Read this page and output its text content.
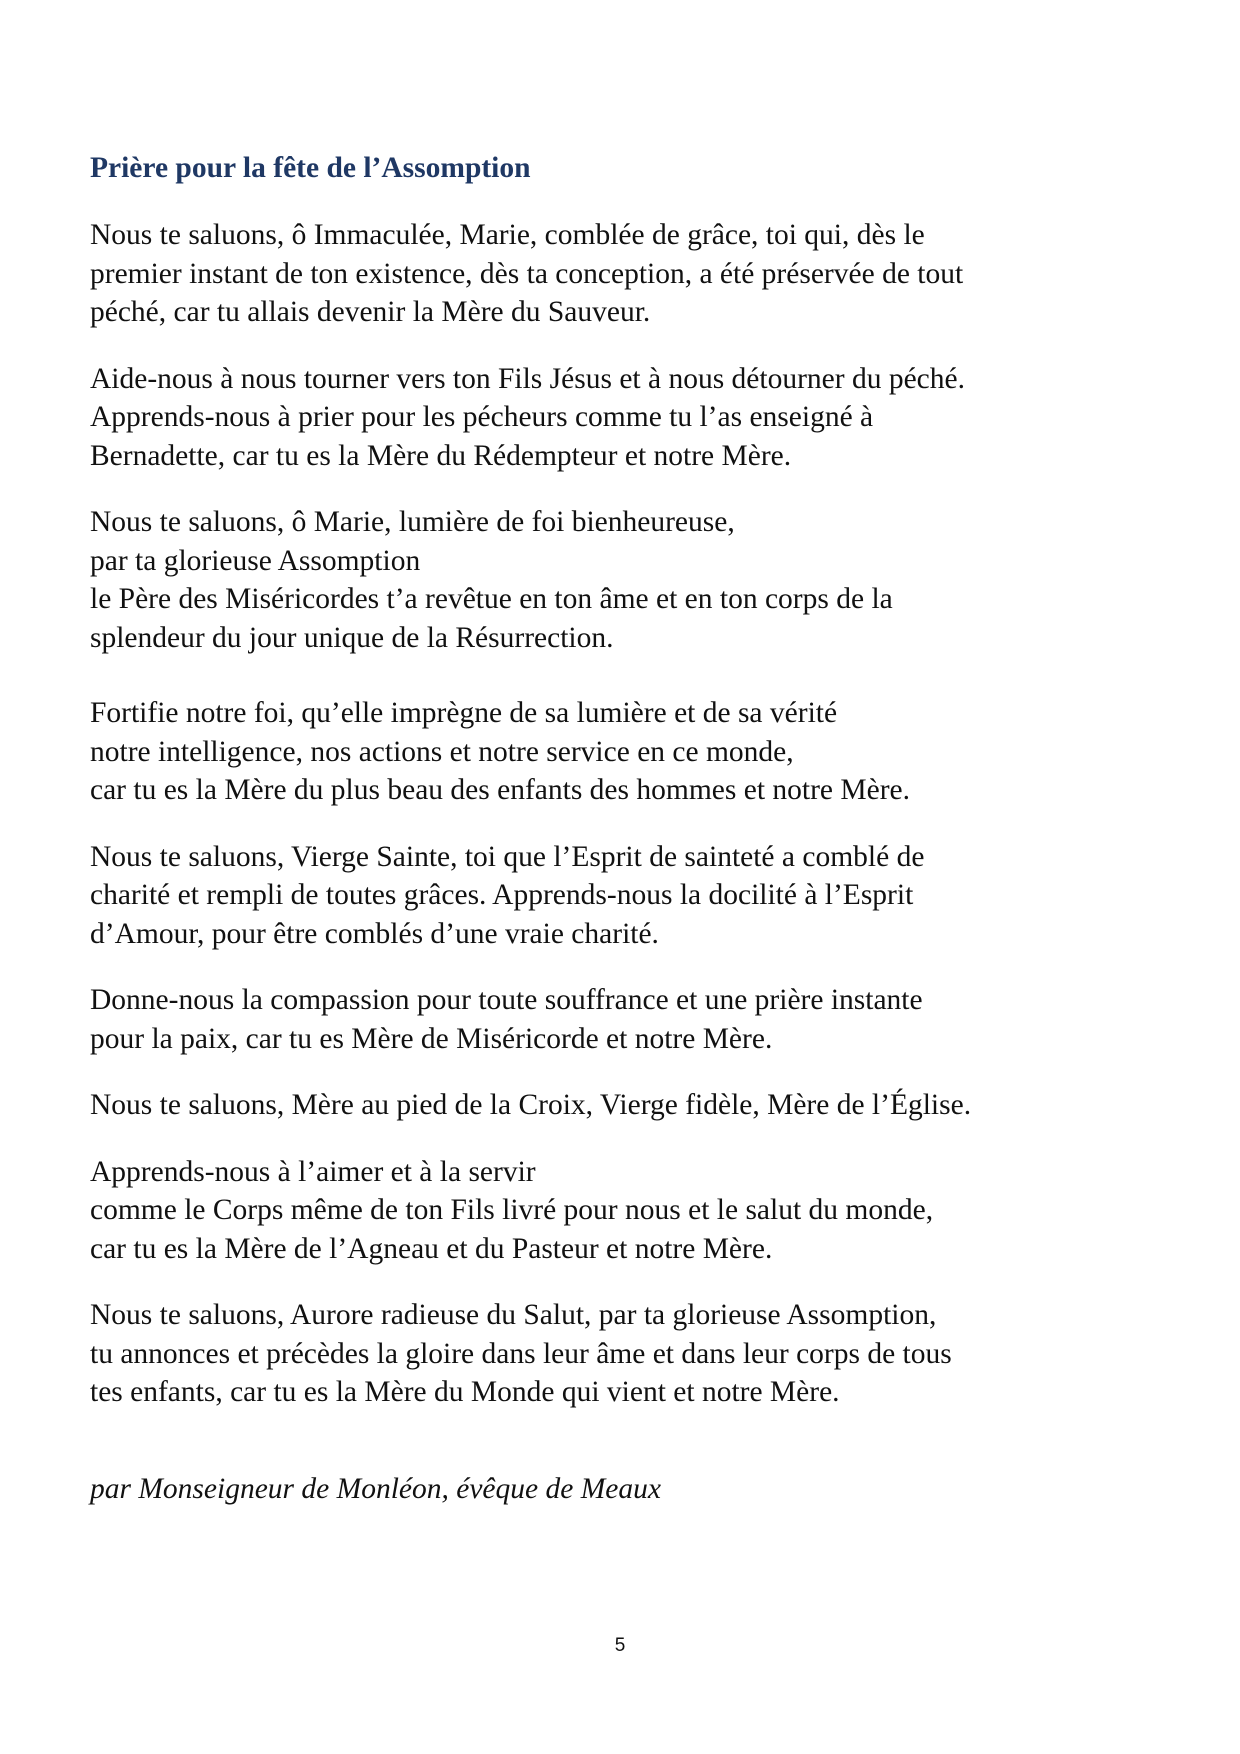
Prière pour la fête de l’Assomption

Nous te saluons, ô Immaculée, Marie, comblée de grâce, toi qui, dès le
premier instant de ton existence, dès ta conception, a été préservée de tout
péché, car tu allais devenir la Mère du Sauveur.

Aide-nous à nous tourner vers ton Fils Jésus et à nous détourner du péché.
Apprends-nous à prier pour les pécheurs comme tu l’as enseigné à
Bernadette, car tu es la Mère du Rédempteur et notre Mère.

Nous te saluons, ô Marie, lumière de foi bienheureuse,
par ta glorieuse Assomption
le Père des Miséricordes t’a revêtue en ton âme et en ton corps de la
splendeur du jour unique de la Résurrection.

Fortifie notre foi, qu’elle imprègne de sa lumière et de sa vérité
notre intelligence, nos actions et notre service en ce monde,
car tu es la Mère du plus beau des enfants des hommes et notre Mère.

Nous te saluons, Vierge Sainte, toi que l’Esprit de sainteté a comblé de
charité et rempli de toutes grâces. Apprends-nous la docilité à l’Esprit
d’Amour, pour être comblés d’une vraie charité.

Donne-nous la compassion pour toute souffrance et une prière instante
pour la paix, car tu es Mère de Miséricorde et notre Mère.

Nous te saluons, Mère au pied de la Croix, Vierge fidèle, Mère de l’Église.

Apprends-nous à l’aimer et à la servir
comme le Corps même de ton Fils livré pour nous et le salut du monde,
car tu es la Mère de l’Agneau et du Pasteur et notre Mère.

Nous te saluons, Aurore radieuse du Salut, par ta glorieuse Assomption,
tu annonces et précèdes la gloire dans leur âme et dans leur corps de tous
tes enfants, car tu es la Mère du Monde qui vient et notre Mère.

par Monseigneur de Monléon, évêque de Meaux

5
